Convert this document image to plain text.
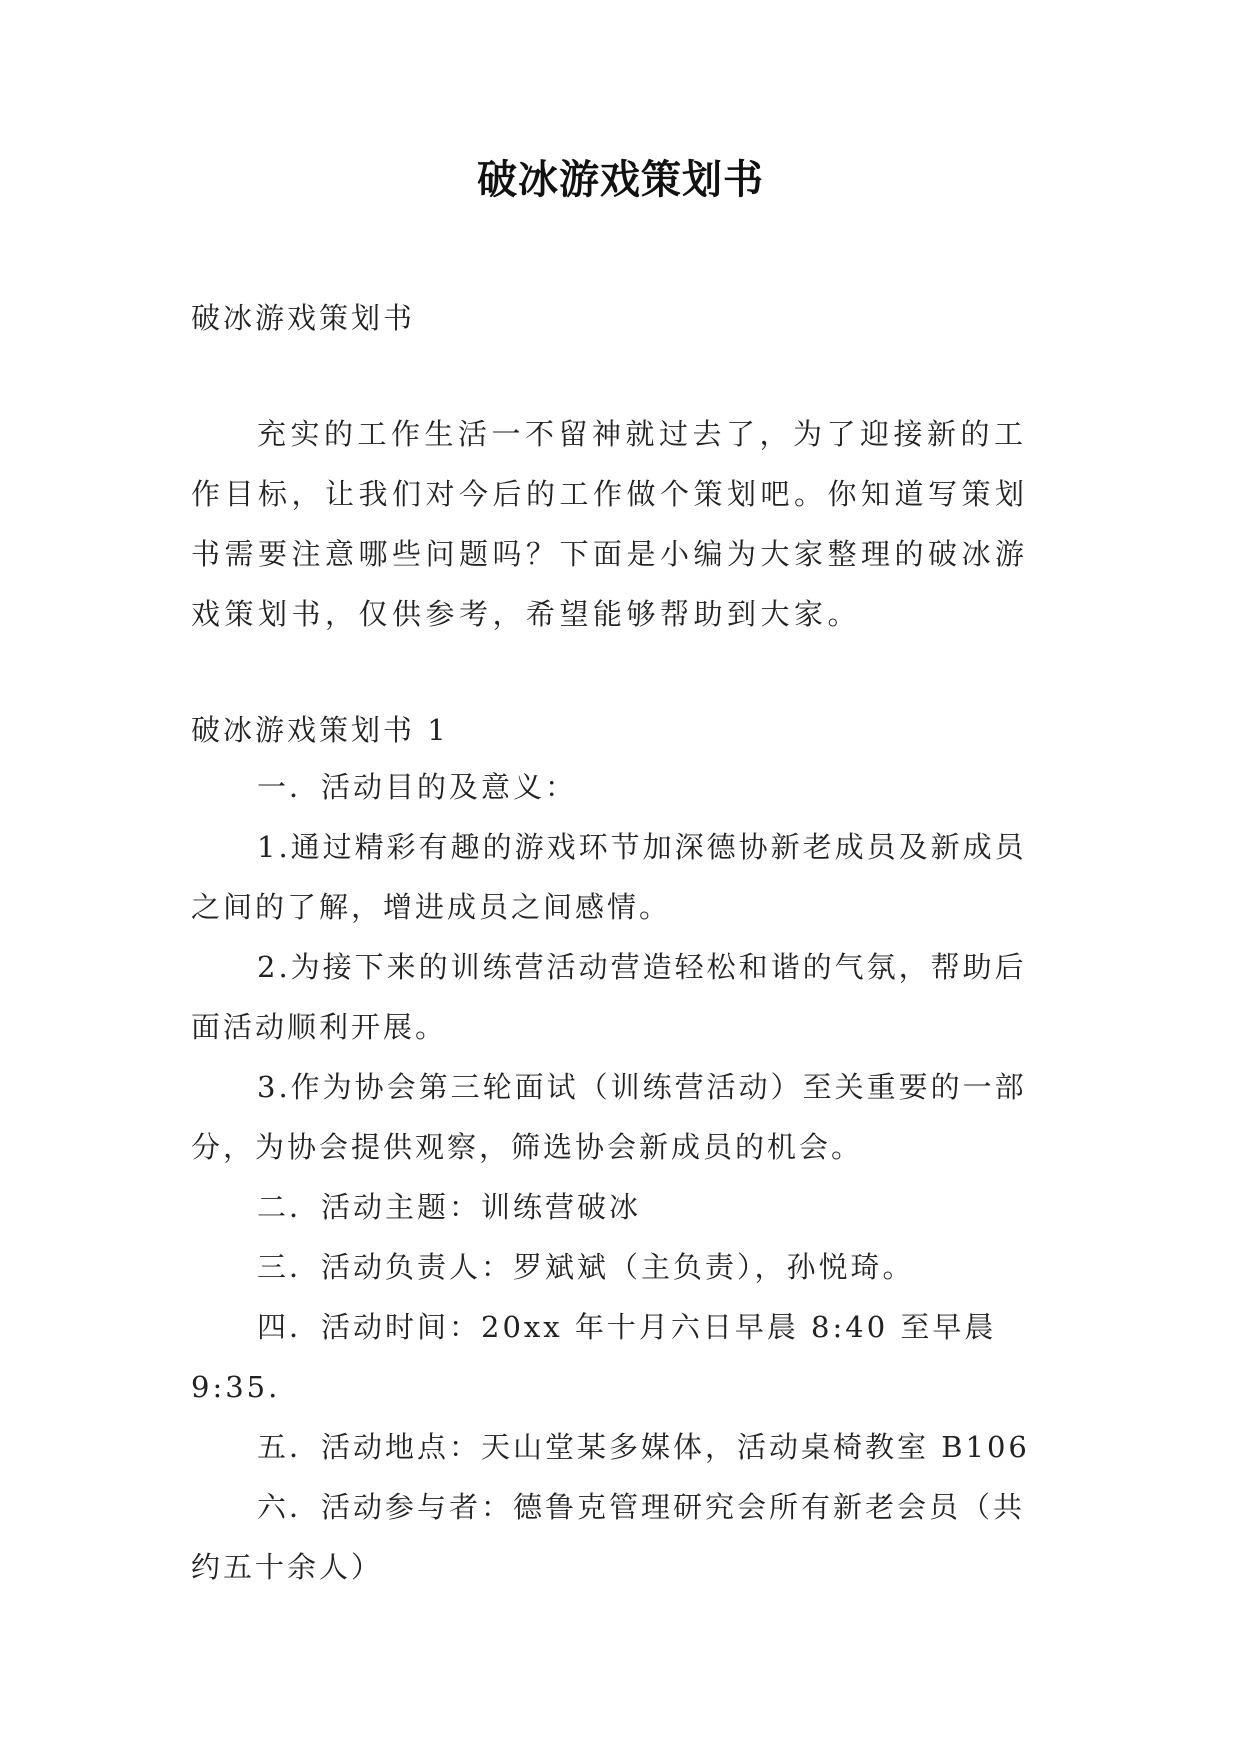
破冰游戏策划书

破冰游戏策划书

充实的工作生活一不留神就过去了，为了迎接新的工作目标，让我们对今后的工作做个策划吧。你知道写策划书需要注意哪些问题吗？下面是小编为大家整理的破冰游戏策划书，仅供参考，希望能够帮助到大家。

破冰游戏策划书 1

一．活动目的及意义：

1.通过精彩有趣的游戏环节加深德协新老成员及新成员之间的了解，增进成员之间感情。

2.为接下来的训练营活动营造轻松和谐的气氛，帮助后面活动顺利开展。

3.作为协会第三轮面试（训练营活动）至关重要的一部分，为协会提供观察，筛选协会新成员的机会。

二．活动主题：训练营破冰

三．活动负责人：罗斌斌（主负责），孙悦琦。

四．活动时间：20xx 年十月六日早晨 8:40 至早晨 9:35.

五．活动地点：天山堂某多媒体，活动桌椅教室 B106

六．活动参与者：德鲁克管理研究会所有新老会员（共约五十余人）
